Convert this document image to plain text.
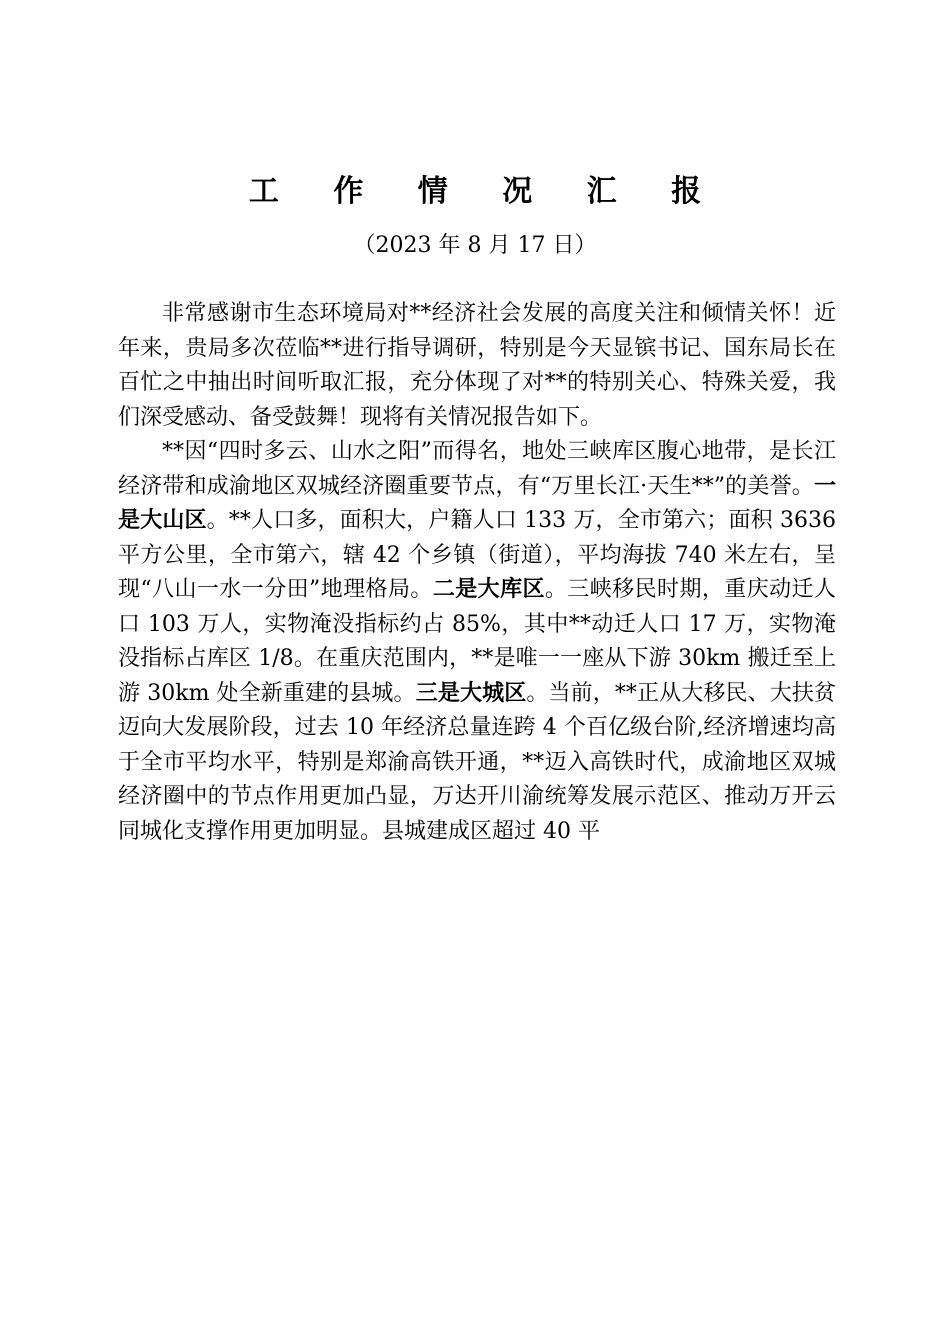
工 作 情 况 汇 报
（2023 年 8 月 17 日）

非常感谢市生态环境局对**经济社会发展的高度关注和倾情关怀！近年来，贵局多次莅临**进行指导调研，特别是今天显镔书记、国东局长在百忙之中抽出时间听取汇报，充分体现了对**的特别关心、特殊关爱，我们深受感动、备受鼓舞！现将有关情况报告如下。

**因“四时多云、山水之阳”而得名，地处三峡库区腹心地带，是长江经济带和成渝地区双城经济圈重要节点，有“万里长江·天生**”的美誉。一是大山区。**人口多，面积大，户籍人口 133 万，全市第六；面积 3636 平方公里，全市第六，辖 42 个乡镇（街道），平均海拔 740 米左右，呈现“八山一水一分田”地理格局。二是大库区。三峡移民时期，重庆动迁人口 103 万人，实物淹没指标约占 85%，其中**动迁人口 17 万，实物淹没指标占库区 1/8。在重庆范围内，**是唯一一座从下游 30km 搬迁至上游 30km 处全新重建的县城。三是大城区。当前，**正从大移民、大扶贫迈向大发展阶段，过去 10 年经济总量连跨 4 个百亿级台阶,经济增速均高于全市平均水平，特别是郑渝高铁开通，**迈入高铁时代，成渝地区双城经济圈中的节点作用更加凸显，万达开川渝统筹发展示范区、推动万开云同城化支撑作用更加明显。县城建成区超过 40 平
